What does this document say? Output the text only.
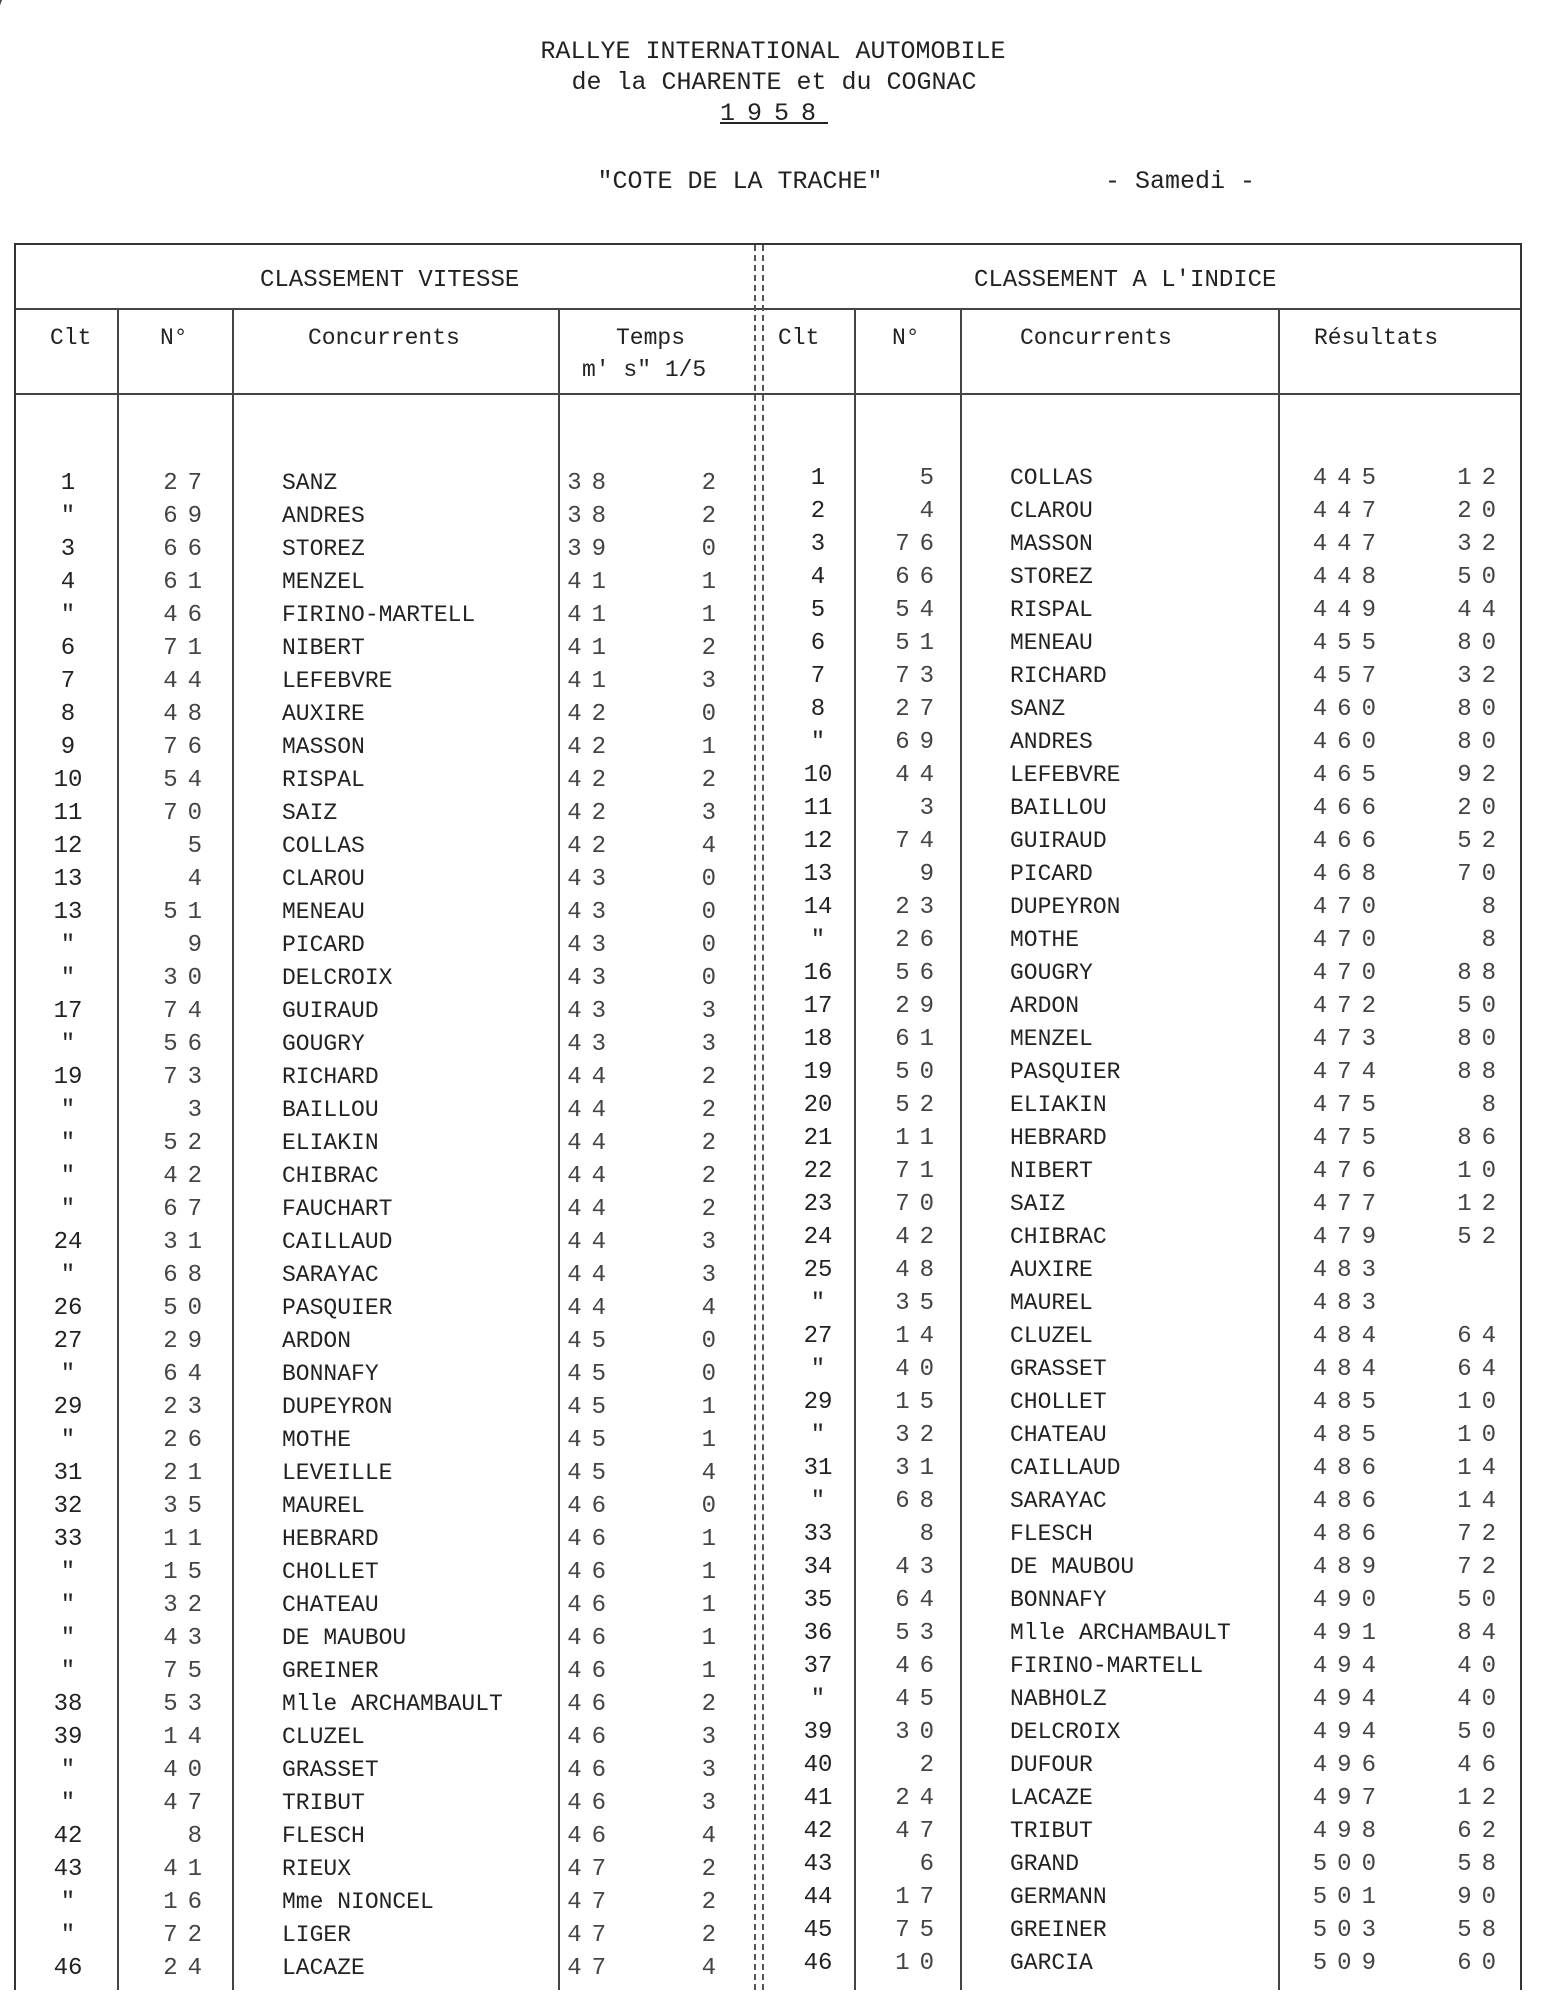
RALLYE INTERNATIONAL AUTOMOBILE
de la CHARENTE et du COGNAC
1958
"COTE DE LA TRACHE"	- Samedi -
CLASSEMENT VITESSE	CLASSEMENT A L'INDICE
Clt	N°	Concurrents	Temps
m' s" 1/5
Clt	N°	Concurrents	Résultats
1	27	SANZ	38	2
"	69	ANDRES	38	2
3	66	STOREZ	39	0
4	61	MENZEL	41	1
"	46	FIRINO-MARTELL	41	1
6	71	NIBERT	41	2
7	44	LEFEBVRE	41	3
8	48	AUXIRE	42	0
9	76	MASSON	42	1
10	54	RISPAL	42	2
11	70	SAIZ	42	3
12	5	COLLAS	42	4
13	4	CLAROU	43	0
13	51	MENEAU	43	0
"	9	PICARD	43	0
"	30	DELCROIX	43	0
17	74	GUIRAUD	43	3
"	56	GOUGRY	43	3
19	73	RICHARD	44	2
"	3	BAILLOU	44	2
"	52	ELIAKIN	44	2
"	42	CHIBRAC	44	2
"	67	FAUCHART	44	2
24	31	CAILLAUD	44	3
"	68	SARAYAC	44	3
26	50	PASQUIER	44	4
27	29	ARDON	45	0
"	64	BONNAFY	45	0
29	23	DUPEYRON	45	1
"	26	MOTHE	45	1
31	21	LEVEILLE	45	4
32	35	MAUREL	46	0
33	11	HEBRARD	46	1
"	15	CHOLLET	46	1
"	32	CHATEAU	46	1
"	43	DE MAUBOU	46	1
"	75	GREINER	46	1
38	53	Mlle ARCHAMBAULT	46	2
39	14	CLUZEL	46	3
"	40	GRASSET	46	3
"	47	TRIBUT	46	3
42	8	FLESCH	46	4
43	41	RIEUX	47	2
"	16	Mme NIONCEL	47	2
"	72	LIGER	47	2
46	24	LACAZE	47	4
1	5	COLLAS	445	12
2	4	CLAROU	447	20
3	76	MASSON	447	32
4	66	STOREZ	448	50
5	54	RISPAL	449	44
6	51	MENEAU	455	80
7	73	RICHARD	457	32
8	27	SANZ	460	80
"	69	ANDRES	460	80
10	44	LEFEBVRE	465	92
11	3	BAILLOU	466	20
12	74	GUIRAUD	466	52
13	9	PICARD	468	70
14	23	DUPEYRON	470	8
"	26	MOTHE	470	8
16	56	GOUGRY	470	88
17	29	ARDON	472	50
18	61	MENZEL	473	80
19	50	PASQUIER	474	88
20	52	ELIAKIN	475	8
21	11	HEBRARD	475	86
22	71	NIBERT	476	10
23	70	SAIZ	477	12
24	42	CHIBRAC	479	52
25	48	AUXIRE	483
"	35	MAUREL	483
27	14	CLUZEL	484	64
"	40	GRASSET	484	64
29	15	CHOLLET	485	10
"	32	CHATEAU	485	10
31	31	CAILLAUD	486	14
"	68	SARAYAC	486	14
33	8	FLESCH	486	72
34	43	DE MAUBOU	489	72
35	64	BONNAFY	490	50
36	53	Mlle ARCHAMBAULT	491	84
37	46	FIRINO-MARTELL	494	40
"	45	NABHOLZ	494	40
39	30	DELCROIX	494	50
40	2	DUFOUR	496	46
41	24	LACAZE	497	12
42	47	TRIBUT	498	62
43	6	GRAND	500	58
44	17	GERMANN	501	90
45	75	GREINER	503	58
46	10	GARCIA	509	60
